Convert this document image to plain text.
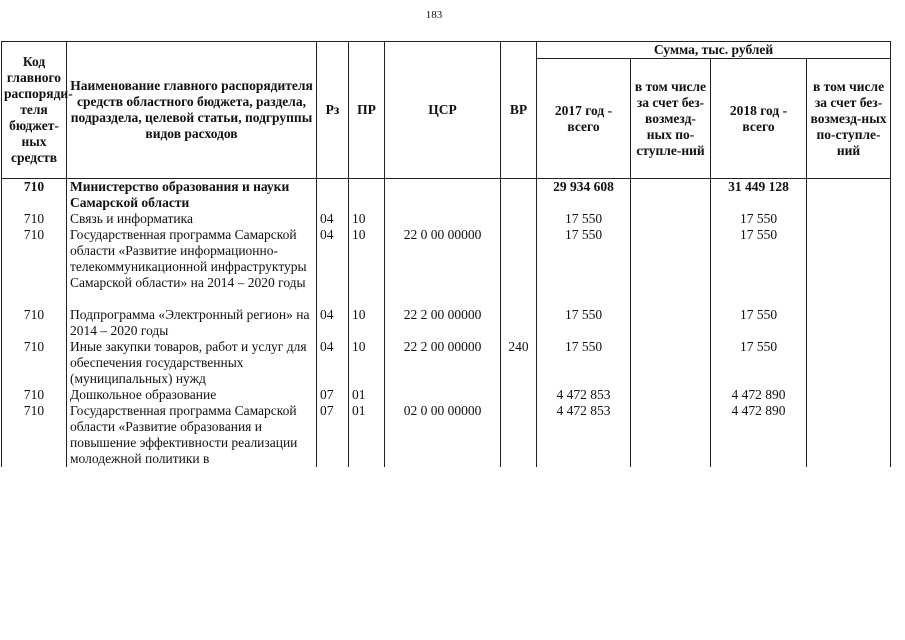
183
Код главного распоряди-теля бюджет-ных средств	Наименование главного распорядителя средств областного бюджета, раздела, подраздела, целевой статьи, подгруппы видов расходов	Рз	ПР	ЦСР	ВР	Сумма, тыс. рублей			
						2017 год - всего	в том числе за счет без-возмезд-ных по-ступле-ний	2018 год - всего	в том числе за счет без-возмезд-ных по-ступле-ний
710	Министерство образования и науки Самарской области					29 934 608		31 449 128	
710	Связь и информатика	04	10			17 550		17 550	
710	Государственная программа Самарской области «Развитие информационно-телекоммуникационной инфраструктуры Самарской области» на 2014 – 2020 годы	04	10	22 0 00 00000		17 550		17 550	
710	Подпрограмма «Электронный регион» на 2014 – 2020 годы	04	10	22 2 00 00000		17 550		17 550	
710	Иные закупки товаров, работ и услуг для обеспечения государственных (муниципальных) нужд	04	10	22 2 00 00000	240	17 550		17 550	
710	Дошкольное образование	07	01			4 472 853		4 472 890	
710	Государственная программа Самарской области «Развитие образования и повышение эффективности реализации молодежной политики в	07	01	02 0 00 00000		4 472 853		4 472 890	
